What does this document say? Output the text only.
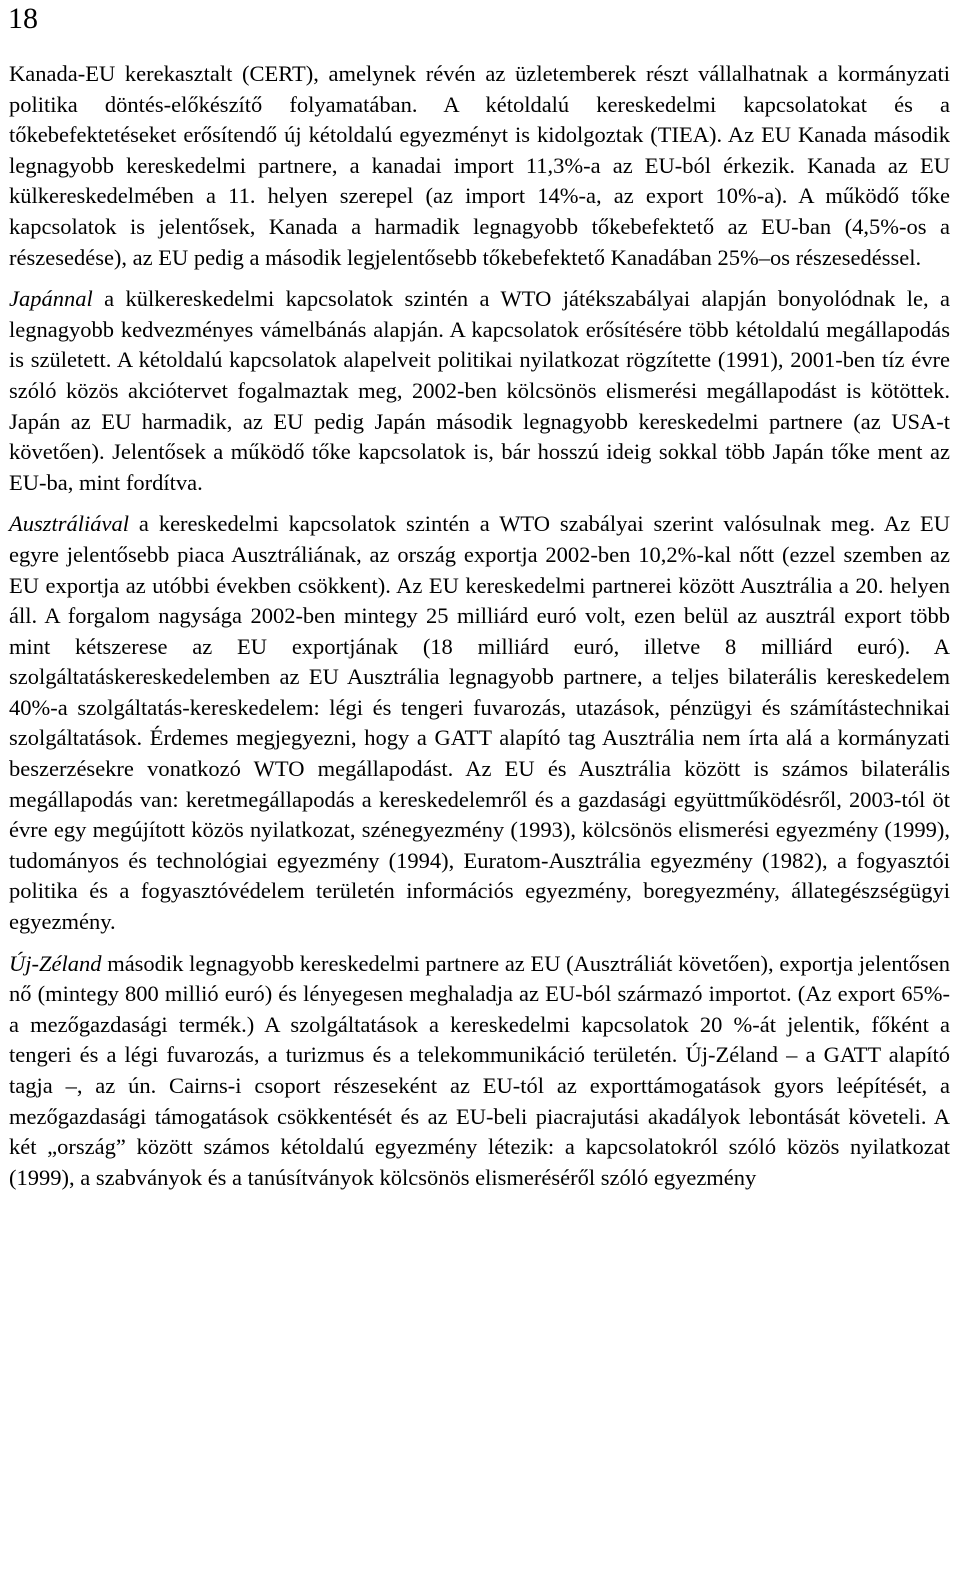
18

Kanada-EU kerekasztalt (CERT), amelynek révén az üzletemberek részt vállalhatnak a kormányzati politika döntés-előkészítő folyamatában. A kétoldalú kereskedelmi kapcsolatokat és a tőkebefektetéseket erősítendő új kétoldalú egyezményt is kidolgoztak (TIEA). Az EU Kanada második legnagyobb kereskedelmi partnere, a kanadai import 11,3%-a az EU-ból érkezik. Kanada az EU külkereskedelmében a 11. helyen szerepel (az import 14%-a, az export 10%-a). A működő tőke kapcsolatok is jelentősek, Kanada a harmadik legnagyobb tőkebefektető az EU-ban (4,5%-os a részesedése), az EU pedig a második legjelentősebb tőkebefektető Kanadában 25%–os részesedéssel.

Japánnal a külkereskedelmi kapcsolatok szintén a WTO játékszabályai alapján bonyolódnak le, a legnagyobb kedvezményes vámelbánás alapján. A kapcsolatok erősítésére több kétoldalú megállapodás is született. A kétoldalú kapcsolatok alapelveit politikai nyilatkozat rögzítette (1991), 2001-ben tíz évre szóló közös akciótervet fogalmaztak meg, 2002-ben kölcsönös elismerési megállapodást is kötöttek. Japán az EU harmadik, az EU pedig Japán második legnagyobb kereskedelmi partnere (az USA-t követően). Jelentősek a működő tőke kapcsolatok is, bár hosszú ideig sokkal több Japán tőke ment az EU-ba, mint fordítva.

Ausztráliával a kereskedelmi kapcsolatok szintén a WTO szabályai szerint valósulnak meg. Az EU egyre jelentősebb piaca Ausztráliának, az ország exportja 2002-ben 10,2%-kal nőtt (ezzel szemben az EU exportja az utóbbi években csökkent). Az EU kereskedelmi partnerei között Ausztrália a 20. helyen áll. A forgalom nagysága 2002-ben mintegy 25 milliárd euró volt, ezen belül az ausztrál export több mint kétszerese az EU exportjának (18 milliárd euró, illetve 8 milliárd euró). A szolgáltatáskereskedelemben az EU Ausztrália legnagyobb partnere, a teljes bilaterális kereskedelem 40%-a szolgáltatás-kereskedelem: légi és tengeri fuvarozás, utazások, pénzügyi és számítástechnikai szolgáltatások. Érdemes megjegyezni, hogy a GATT alapító tag Ausztrália nem írta alá a kormányzati beszerzésekre vonatkozó WTO megállapodást. Az EU és Ausztrália között is számos bilaterális megállapodás van: keretmegállapodás a kereskedelemről és a gazdasági együttműködésről, 2003-tól öt évre egy megújított közös nyilatkozat, szénegyezmény (1993), kölcsönös elismerési egyezmény (1999), tudományos és technológiai egyezmény (1994), Euratom-Ausztrália egyezmény (1982), a fogyasztói politika és a fogyasztóvédelem területén információs egyezmény, boregyezmény, állategészségügyi egyezmény.

Új-Zéland második legnagyobb kereskedelmi partnere az EU (Ausztráliát követően), exportja jelentősen nő (mintegy 800 millió euró) és lényegesen meghaladja az EU-ból származó importot. (Az export 65%-a mezőgazdasági termék.) A szolgáltatások a kereskedelmi kapcsolatok 20 %-át jelentik, főként a tengeri és a légi fuvarozás, a turizmus és a telekommunikáció területén. Új-Zéland – a GATT alapító tagja –, az ún. Cairns-i csoport részeseként az EU-tól az exporttámogatások gyors leépítését, a mezőgazdasági támogatások csökkentését és az EU-beli piacrajutási akadályok lebontását követeli. A két „ország” között számos kétoldalú egyezmény létezik: a kapcsolatokról szóló közös nyilatkozat (1999), a szabványok és a tanúsítványok kölcsönös elismeréséről szóló egyezmény
